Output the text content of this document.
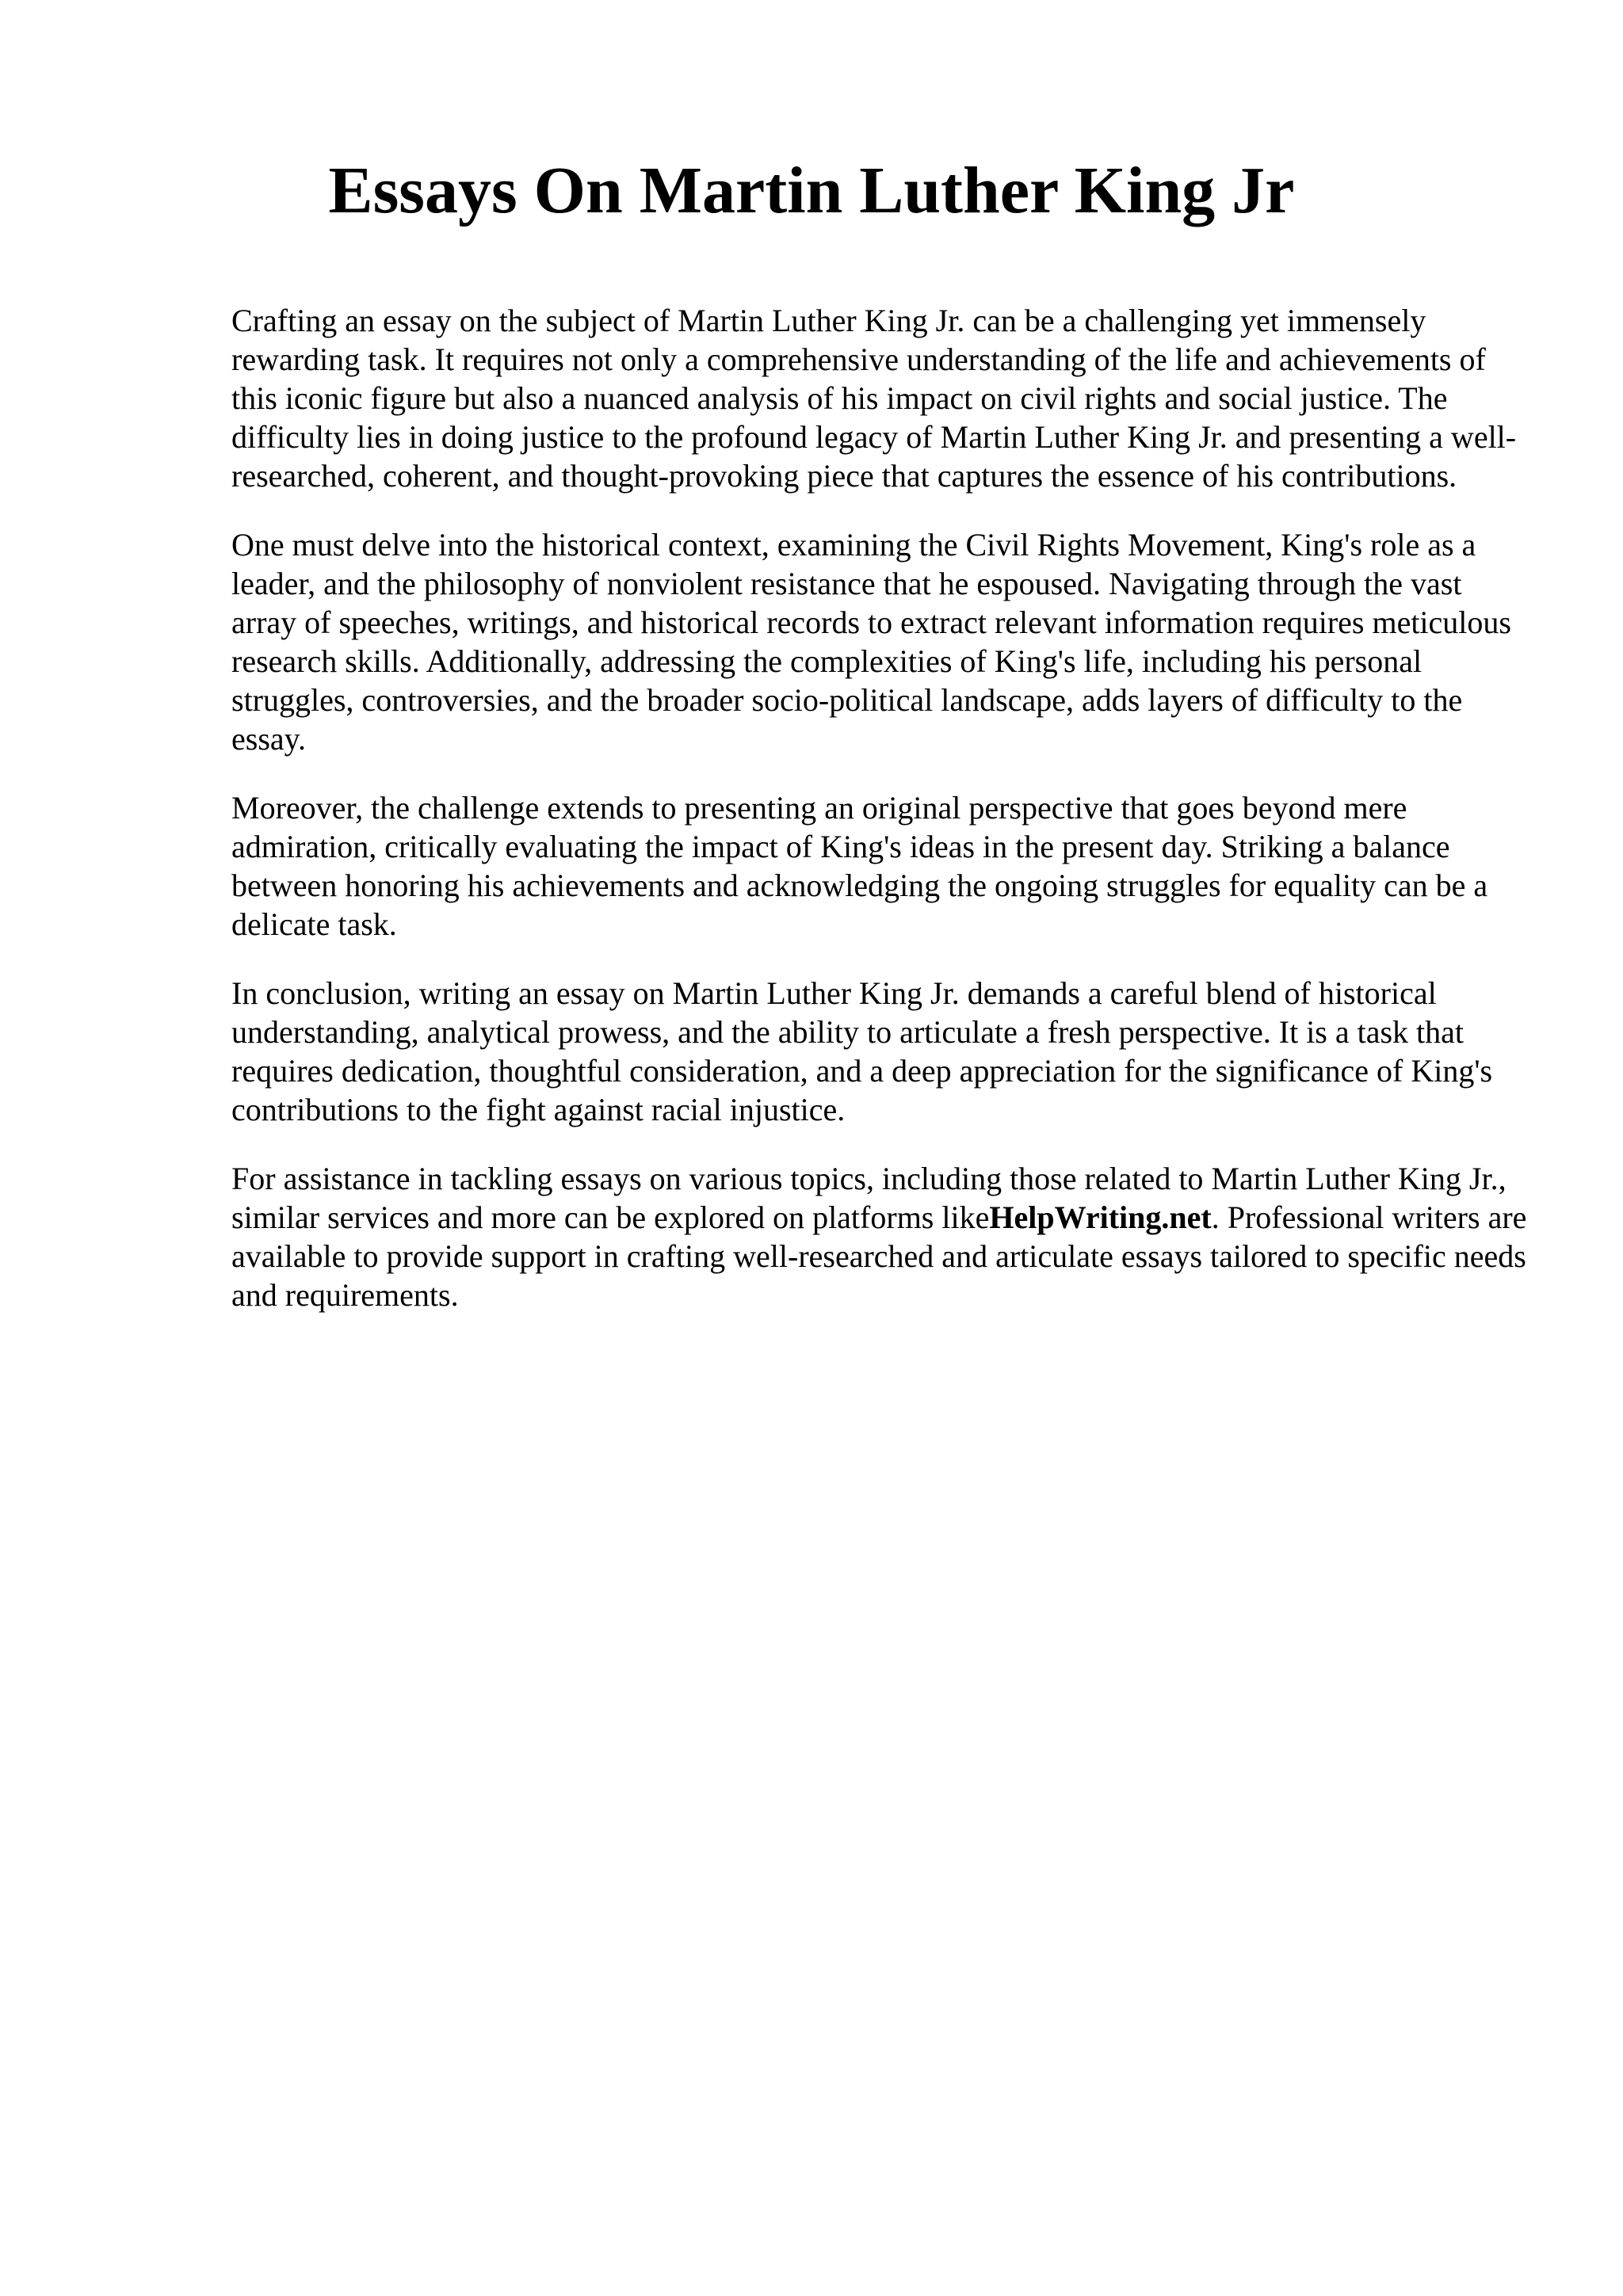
Essays On Martin Luther King Jr

Crafting an essay on the subject of Martin Luther King Jr. can be a challenging yet immensely rewarding task. It requires not only a comprehensive understanding of the life and achievements of this iconic figure but also a nuanced analysis of his impact on civil rights and social justice. The difficulty lies in doing justice to the profound legacy of Martin Luther King Jr. and presenting a well-researched, coherent, and thought-provoking piece that captures the essence of his contributions.

One must delve into the historical context, examining the Civil Rights Movement, King's role as a leader, and the philosophy of nonviolent resistance that he espoused. Navigating through the vast array of speeches, writings, and historical records to extract relevant information requires meticulous research skills. Additionally, addressing the complexities of King's life, including his personal struggles, controversies, and the broader socio-political landscape, adds layers of difficulty to the essay.

Moreover, the challenge extends to presenting an original perspective that goes beyond mere admiration, critically evaluating the impact of King's ideas in the present day. Striking a balance between honoring his achievements and acknowledging the ongoing struggles for equality can be a delicate task.

In conclusion, writing an essay on Martin Luther King Jr. demands a careful blend of historical understanding, analytical prowess, and the ability to articulate a fresh perspective. It is a task that requires dedication, thoughtful consideration, and a deep appreciation for the significance of King's contributions to the fight against racial injustice.

For assistance in tackling essays on various topics, including those related to Martin Luther King Jr., similar services and more can be explored on platforms likeHelpWriting.net. Professional writers are available to provide support in crafting well-researched and articulate essays tailored to specific needs and requirements.
